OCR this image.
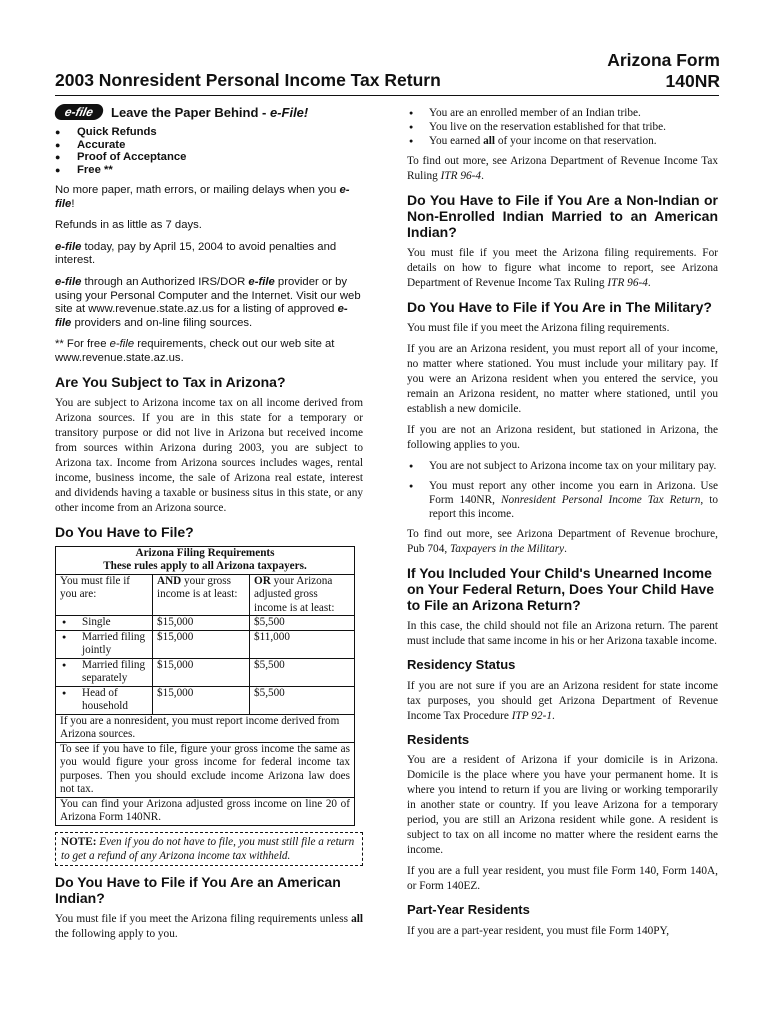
2003 Nonresident Personal Income Tax Return
Arizona Form
140NR
e-file	Leave the Paper Behind - e-File!
● Quick Refunds
● Accurate
● Proof of Acceptance
● Free **

No more paper, math errors, or mailing delays when you e-file!

Refunds in as little as 7 days.

e-file today, pay by April 15, 2004 to avoid penalties and interest.

e-file through an Authorized IRS/DOR e-file provider or by using your Personal Computer and the Internet. Visit our web site at www.revenue.state.az.us for a listing of approved e-file providers and on-line filing sources.

** For free e-file requirements, check out our web site at www.revenue.state.az.us.

Are You Subject to Tax in Arizona?

You are subject to Arizona income tax on all income derived from Arizona sources. If you are in this state for a temporary or transitory purpose or did not live in Arizona but received income from sources within Arizona during 2003, you are subject to Arizona tax. Income from Arizona sources includes wages, rental income, business income, the sale of Arizona real estate, interest and dividends having a taxable or business situs in this state, or any other income from an Arizona source.

Do You Have to File?
Arizona Filing Requirements
These rules apply to all Arizona taxpayers.		
You must file if you are:	AND your gross income is at least:	OR your Arizona adjusted gross income is at least:

● Single	$15,000	$5,500

● Married filing jointly	$15,000	$11,000

● Married filing separately	$15,000	$5,500

● Head of household	$15,000	$5,500
If you are a nonresident, you must report income derived from Arizona sources.		
To see if you have to file, figure your gross income the same as you would figure your gross income for federal income tax purposes. Then you should exclude income Arizona law does not tax.		
You can find your Arizona adjusted gross income on line 20 of Arizona Form 140NR.		
NOTE: Even if you do not have to file, you must still file a return to get a refund of any Arizona income tax withheld.
Do You Have to File if You Are an American Indian?

You must file if you meet the Arizona filing requirements unless all the following apply to you.

● You are an enrolled member of an Indian tribe.
● You live on the reservation established for that tribe.
● You earned all of your income on that reservation.

To find out more, see Arizona Department of Revenue Income Tax Ruling ITR 96-4.

Do You Have to File if You Are a Non-Indian or Non-Enrolled Indian Married to an American Indian?

You must file if you meet the Arizona filing requirements. For details on how to figure what income to report, see Arizona Department of Revenue Income Tax Ruling ITR 96-4.

Do You Have to File if You Are in The Military?

You must file if you meet the Arizona filing requirements.

If you are an Arizona resident, you must report all of your income, no matter where stationed. You must include your military pay. If you were an Arizona resident when you entered the service, you remain an Arizona resident, no matter where stationed, until you establish a new domicile.

If you are not an Arizona resident, but stationed in Arizona, the following applies to you.

● You are not subject to Arizona income tax on your military pay.
● You must report any other income you earn in Arizona. Use Form 140NR, Nonresident Personal Income Tax Return, to report this income.

To find out more, see Arizona Department of Revenue brochure, Pub 704, Taxpayers in the Military.

If You Included Your Child's Unearned Income on Your Federal Return, Does Your Child Have to File an Arizona Return?

In this case, the child should not file an Arizona return. The parent must include that same income in his or her Arizona taxable income.

Residency Status

If you are not sure if you are an Arizona resident for state income tax purposes, you should get Arizona Department of Revenue Income Tax Procedure ITP 92-1.

Residents

You are a resident of Arizona if your domicile is in Arizona. Domicile is the place where you have your permanent home. It is where you intend to return if you are living or working temporarily in another state or country. If you leave Arizona for a temporary period, you are still an Arizona resident while gone. A resident is subject to tax on all income no matter where the resident earns the income.

If you are a full year resident, you must file Form 140, Form 140A, or Form 140EZ.

Part-Year Residents

If you are a part-year resident, you must file Form 140PY,
